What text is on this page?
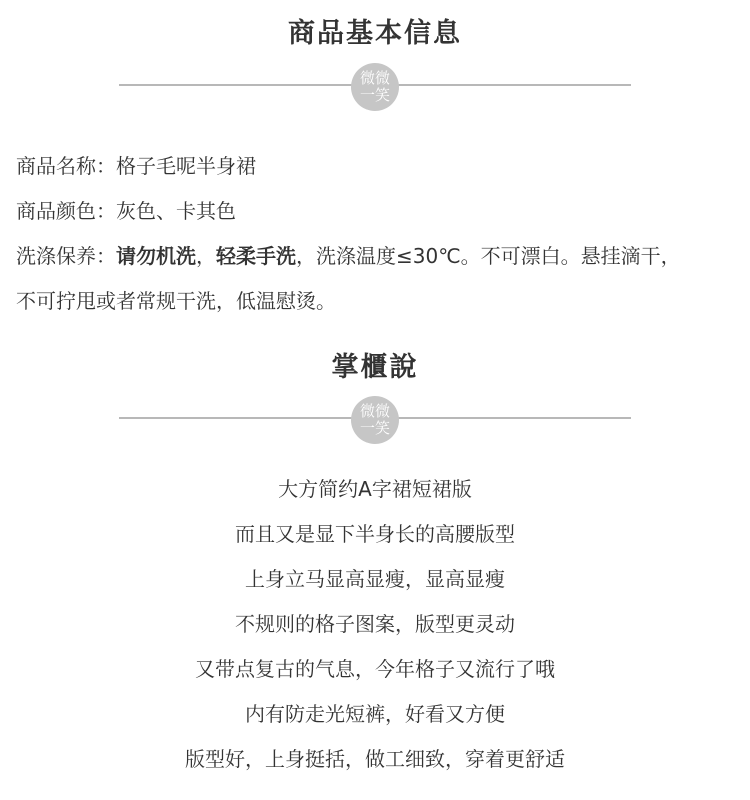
商品基本信息
微微
一笑

商品名称：格子毛呢半身裙

商品颜色：灰色、卡其色

洗涤保养：请勿机洗，轻柔手洗，洗涤温度≤30℃。不可漂白。悬挂滴干，

不可拧甩或者常规干洗，低温慰烫。

掌櫃說
微微
一笑

大方简约A字裙短裙版

而且又是显下半身长的高腰版型

上身立马显高显瘦，显高显瘦

不规则的格子图案，版型更灵动

又带点复古的气息，今年格子又流行了哦

内有防走光短裤，好看又方便

版型好，上身挺括，做工细致，穿着更舒适
